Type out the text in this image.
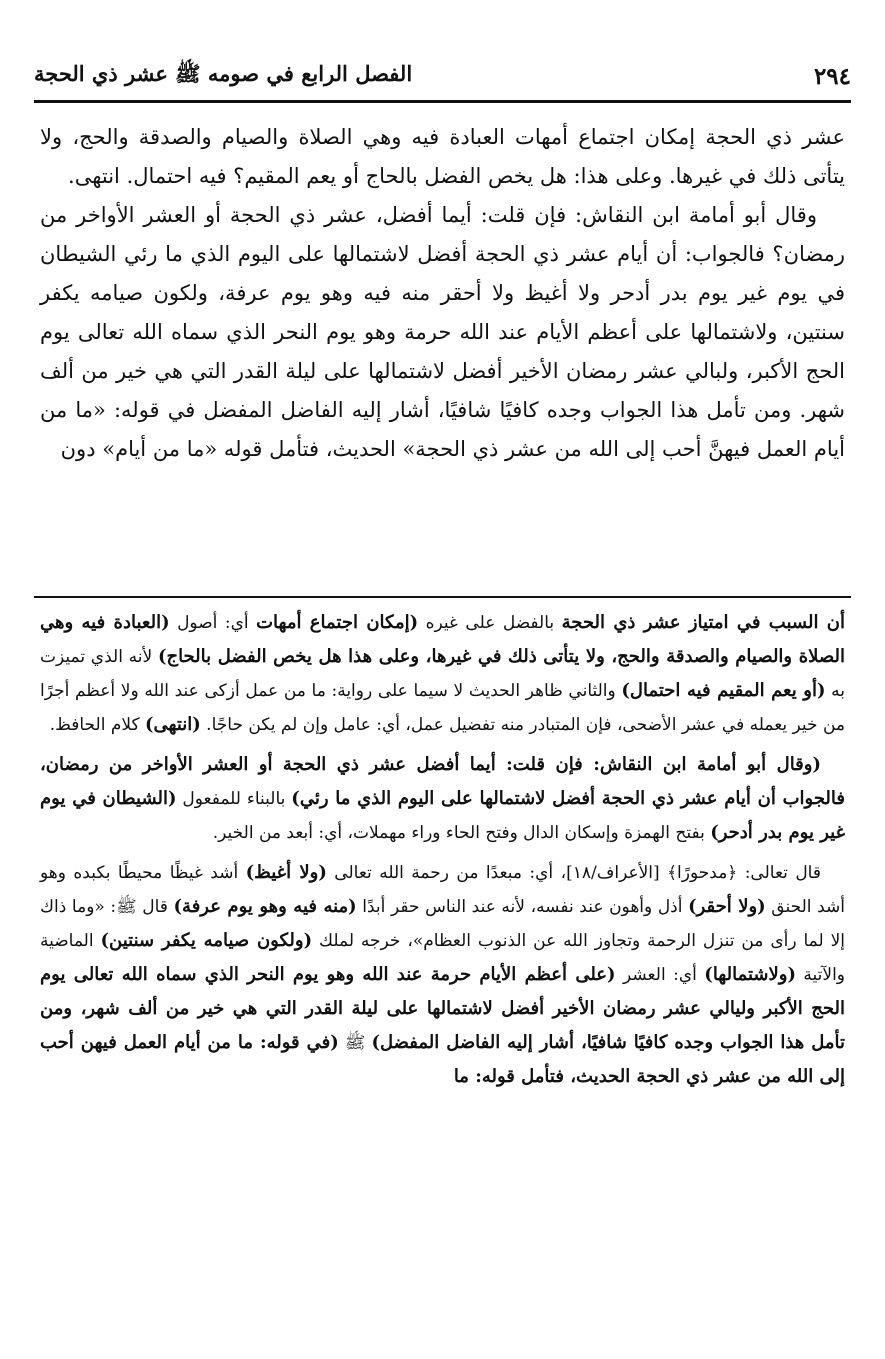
٢٩٤
الفصل الرابع في صومه ﷺ عشر ذي الحجة

عشر ذي الحجة إمكان اجتماع أمهات العبادة فيه وهي الصلاة والصيام والصدقة والحج، ولا يتأتى ذلك في غيرها. وعلى هذا: هل يخص الفضل بالحاج أو يعم المقيم؟ فيه احتمال. انتهى.

وقال أبو أمامة ابن النقاش: فإن قلت: أيما أفضل، عشر ذي الحجة أو العشر الأواخر من رمضان؟ فالجواب: أن أيام عشر ذي الحجة أفضل لاشتمالها على اليوم الذي ما رئي الشيطان في يوم غير يوم بدر أدحر ولا أغيظ ولا أحقر منه فيه وهو يوم عرفة، ولكون صيامه يكفر سنتين، ولاشتمالها على أعظم الأيام عند الله حرمة وهو يوم النحر الذي سماه الله تعالى يوم الحج الأكبر، ولبالي عشر رمضان الأخير أفضل لاشتمالها على ليلة القدر التي هي خير من ألف شهر. ومن تأمل هذا الجواب وجده كافيًا شافيًا، أشار إليه الفاضل المفضل في قوله: «ما من أيام العمل فيهنَّ أحب إلى الله من عشر ذي الحجة» الحديث، فتأمل قوله «ما من أيام» دون

أن السبب في امتياز عشر ذي الحجة بالفضل على غيره (إمكان اجتماع أمهات أي: أصول (العبادة فيه وهي الصلاة والصيام والصدقة والحج، ولا يتأتى ذلك في غيرها، وعلى هذا هل يخص الفضل بالحاج) لأنه الذي تميزت به (أو يعم المقيم فيه احتمال) والثاني ظاهر الحديث لا سيما على رواية: ما من عمل أزكى عند الله ولا أعظم أجرًا من خير يعمله في عشر الأضحى، فإن المتبادر منه تفضيل عمل، أي: عامل وإن لم يكن حاجًا. (انتهى) كلام الحافظ.

(وقال أبو أمامة ابن النقاش: فإن قلت: أيما أفضل عشر ذي الحجة أو العشر الأواخر من رمضان، فالجواب أن أيام عشر ذي الحجة أفضل لاشتمالها على اليوم الذي ما رئي) بالبناء للمفعول (الشيطان في يوم غير يوم بدر أدحر) بفتح الهمزة وإسكان الدال وفتح الحاء وراء مهملات، أي: أبعد من الخير.

قال تعالى: ﴿مدحورًا﴾ [الأعراف/١٨]، أي: مبعدًا من رحمة الله تعالى (ولا أغيظ) أشد غيظًا محيطًا بكبده وهو أشد الحنق (ولا أحقر) أذل وأهون عند نفسه، لأنه عند الناس حقر أبدًا (منه فيه وهو يوم عرفة) قال ﷺ: «وما ذاك إلا لما رأى من تنزل الرحمة وتجاوز الله عن الذنوب العظام»، خرجه لملك (ولكون صيامه يكفر سنتين) الماضية والآتية (ولاشتمالها) أي: العشر (على أعظم الأيام حرمة عند الله وهو يوم النحر الذي سماه الله تعالى يوم الحج الأكبر وليالي عشر رمضان الأخير أفضل لاشتمالها على ليلة القدر التي هي خير من ألف شهر، ومن تأمل هذا الجواب وجده كافيًا شافيًا، أشار إليه الفاضل المفضل) ﷺ (في قوله: ما من أيام العمل فيهن أحب إلى الله من عشر ذي الحجة الحديث، فتأمل قوله: ما
